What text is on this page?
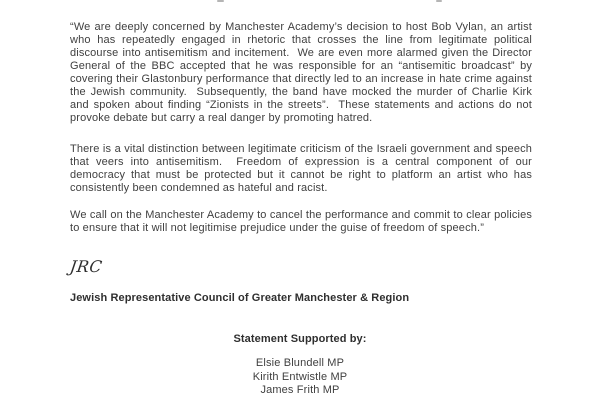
“We are deeply concerned by Manchester Academy’s decision to host Bob Vylan, an artist who has repeatedly engaged in rhetoric that crosses the line from legitimate political discourse into antisemitism and incitement.  We are even more alarmed given the Director General of the BBC accepted that he was responsible for an “antisemitic broadcast” by covering their Glastonbury performance that directly led to an increase in hate crime against the Jewish community.  Subsequently, the band have mocked the murder of Charlie Kirk and spoken about finding “Zionists in the streets”.  These statements and actions do not provoke debate but carry a real danger by promoting hatred.

There is a vital distinction between legitimate criticism of the Israeli government and speech that veers into antisemitism.  Freedom of expression is a central component of our democracy that must be protected but it cannot be right to platform an artist who has consistently been condemned as hateful and racist.

We call on the Manchester Academy to cancel the performance and commit to clear policies to ensure that it will not legitimise prejudice under the guise of freedom of speech.”

JRC

Jewish Representative Council of Greater Manchester & Region

Statement Supported by:

Elsie Blundell MP
Kirith Entwistle MP
James Frith MP
